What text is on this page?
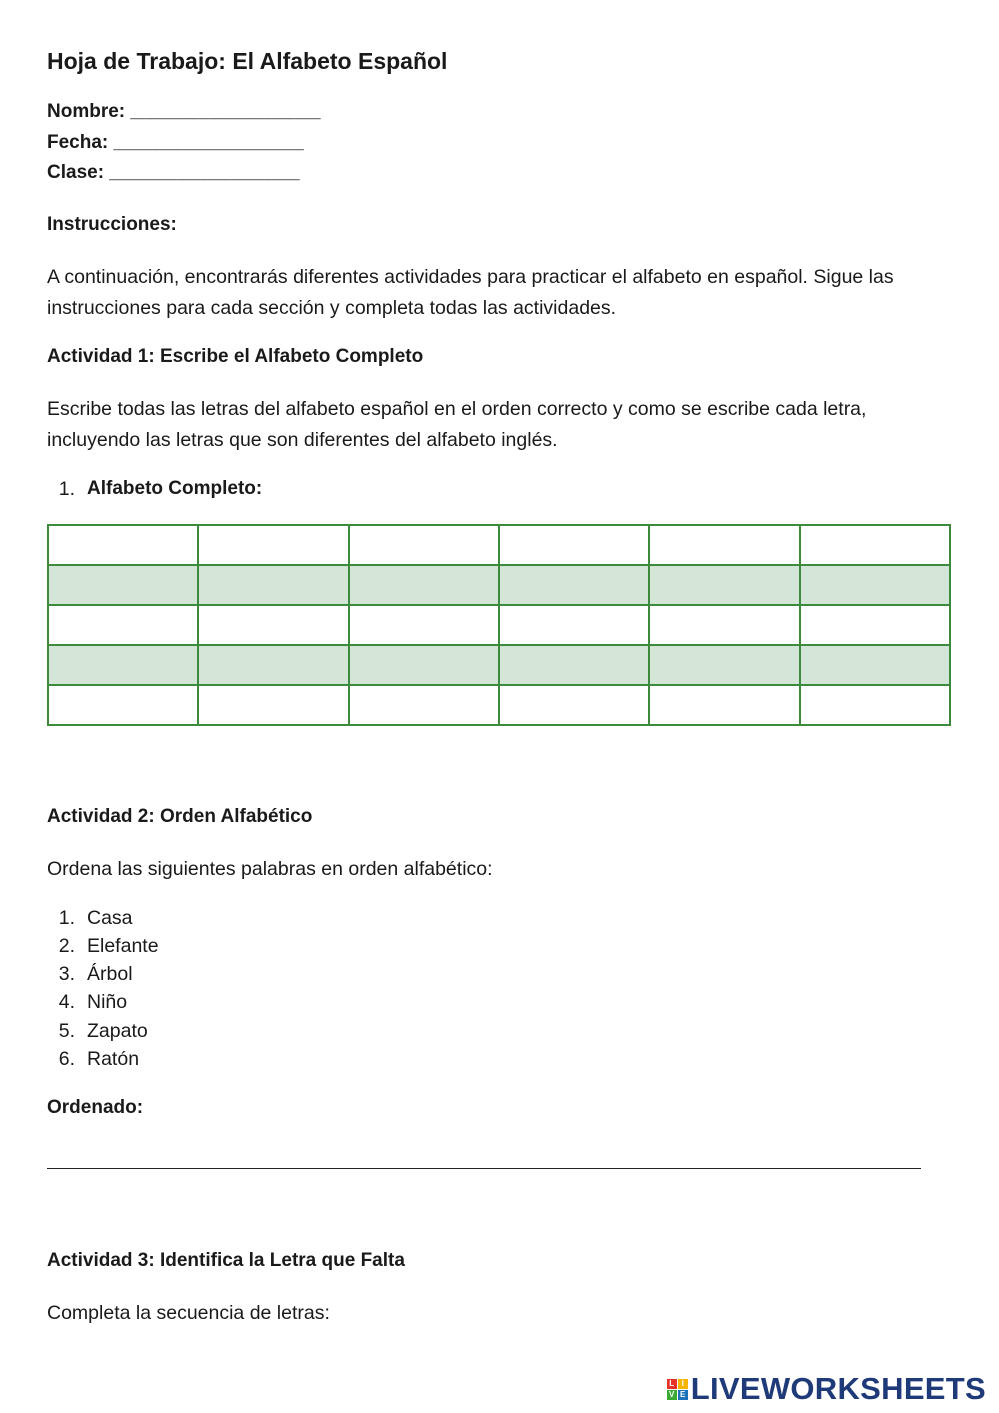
Hoja de Trabajo: El Alfabeto Español
Nombre: __________________
Fecha: __________________
Clase: __________________
Instrucciones:
A continuación, encontrarás diferentes actividades para practicar el alfabeto en español. Sigue las instrucciones para cada sección y completa todas las actividades.
Actividad 1: Escribe el Alfabeto Completo
Escribe todas las letras del alfabeto español en el orden correcto y como se escribe cada letra, incluyendo las letras que son diferentes del alfabeto inglés.
1. Alfabeto Completo:

Actividad 2: Orden Alfabético
Ordena las siguientes palabras en orden alfabético:
1. Casa
2. Elefante
3. Árbol
4. Niño
5. Zapato
6. Ratón
Ordenado:
Actividad 3: Identifica la Letra que Falta
Completa la secuencia de letras:
L I
V E LIVEWORKSHEETS
